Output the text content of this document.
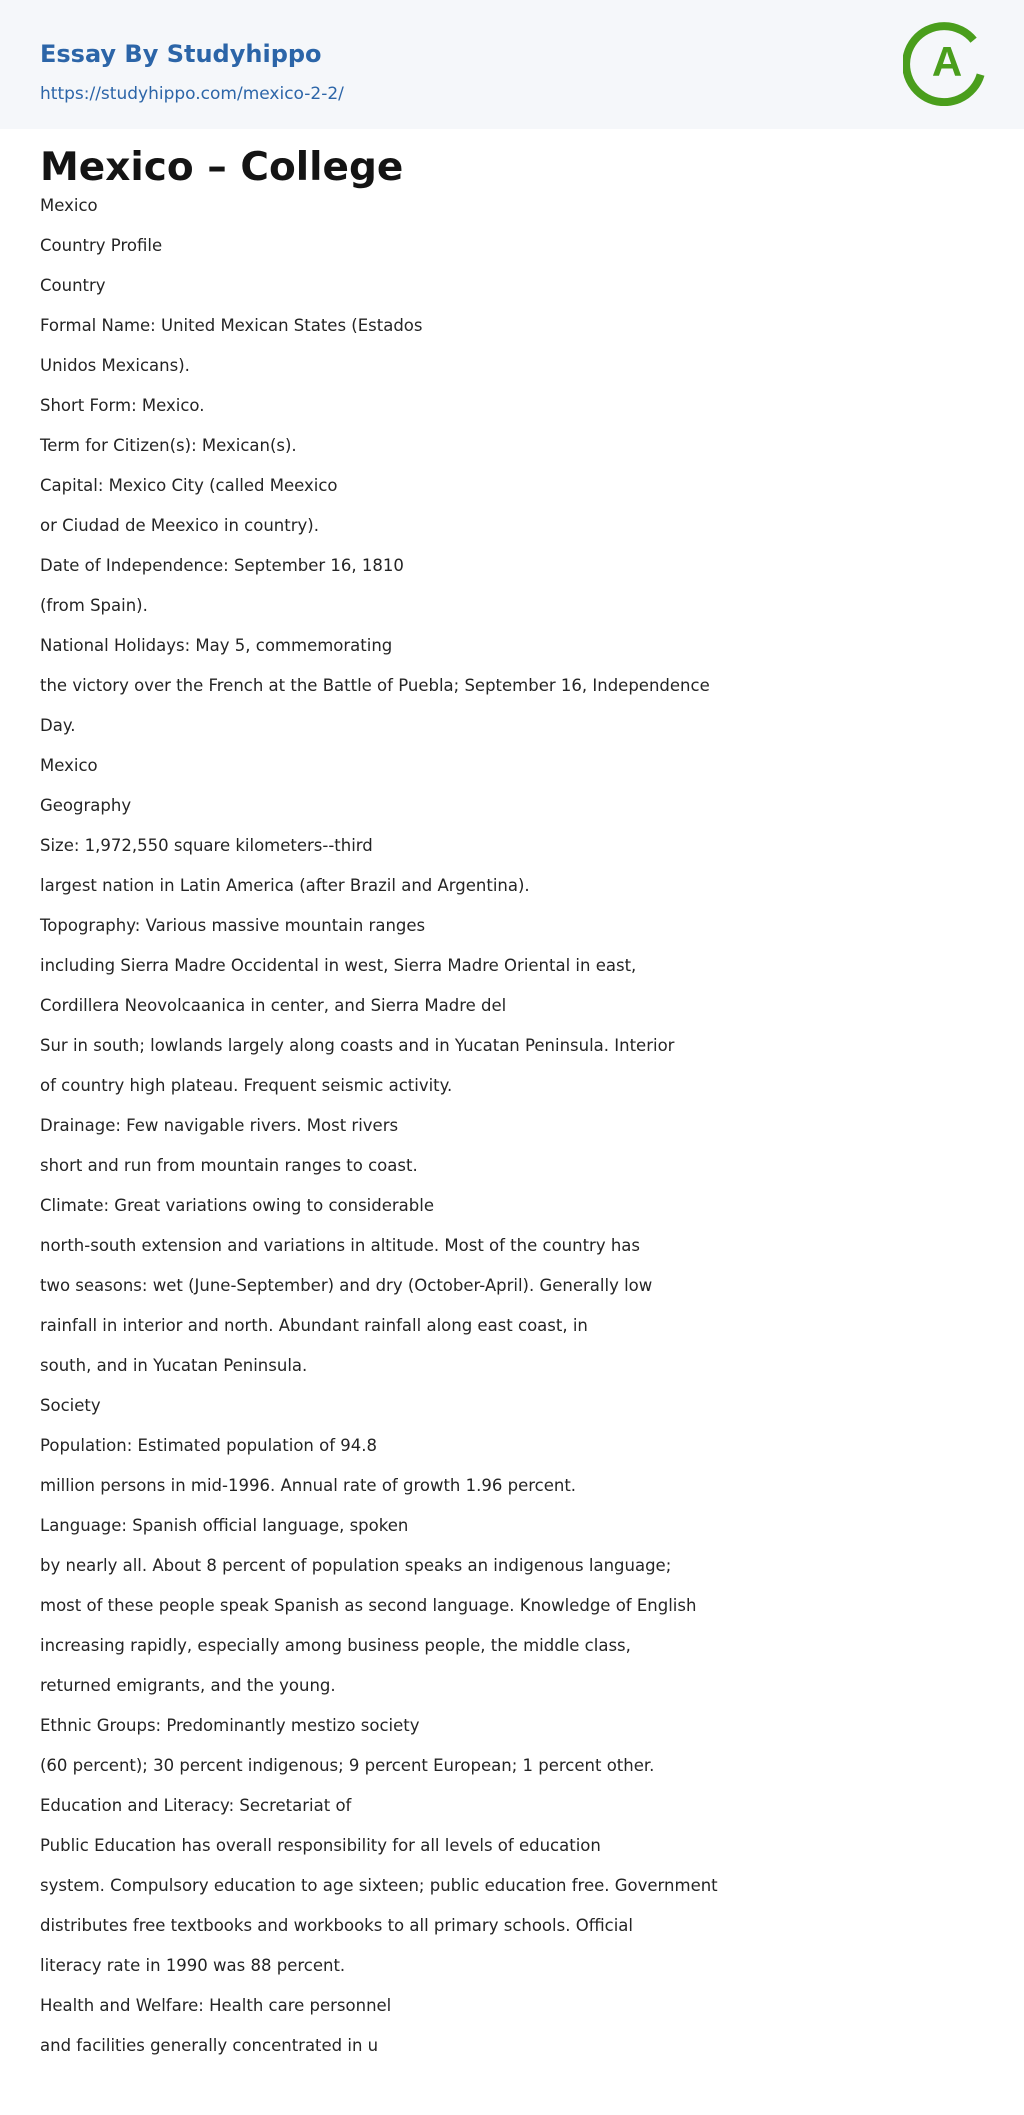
Essay By Studyhippo
https://studyhippo.com/mexico-2-2/
A
Mexico – College

Mexico

Country Profile

Country

Formal Name: United Mexican States (Estados

Unidos Mexicans).

Short Form: Mexico.

Term for Citizen(s): Mexican(s).

Capital: Mexico City (called Meexico

or Ciudad de Meexico in country).

Date of Independence: September 16, 1810

(from Spain).

National Holidays: May 5, commemorating

the victory over the French at the Battle of Puebla; September 16, Independence

Day.

Mexico

Geography

Size: 1,972,550 square kilometers--third

largest nation in Latin America (after Brazil and Argentina).

Topography: Various massive mountain ranges

including Sierra Madre Occidental in west, Sierra Madre Oriental in east,

Cordillera Neovolcaanica in center, and Sierra Madre del

Sur in south; lowlands largely along coasts and in Yucatan Peninsula. Interior

of country high plateau. Frequent seismic activity.

Drainage: Few navigable rivers. Most rivers

short and run from mountain ranges to coast.

Climate: Great variations owing to considerable

north-south extension and variations in altitude. Most of the country has

two seasons: wet (June-September) and dry (October-April). Generally low

rainfall in interior and north. Abundant rainfall along east coast, in

south, and in Yucatan Peninsula.

Society

Population: Estimated population of 94.8

million persons in mid-1996. Annual rate of growth 1.96 percent.

Language: Spanish official language, spoken

by nearly all. About 8 percent of population speaks an indigenous language;

most of these people speak Spanish as second language. Knowledge of English

increasing rapidly, especially among business people, the middle class,

returned emigrants, and the young.

Ethnic Groups: Predominantly mestizo society

(60 percent); 30 percent indigenous; 9 percent European; 1 percent other.

Education and Literacy: Secretariat of

Public Education has overall responsibility for all levels of education

system. Compulsory education to age sixteen; public education free. Government

distributes free textbooks and workbooks to all primary schools. Official

literacy rate in 1990 was 88 percent.

Health and Welfare: Health care personnel

and facilities generally concentrated in u
